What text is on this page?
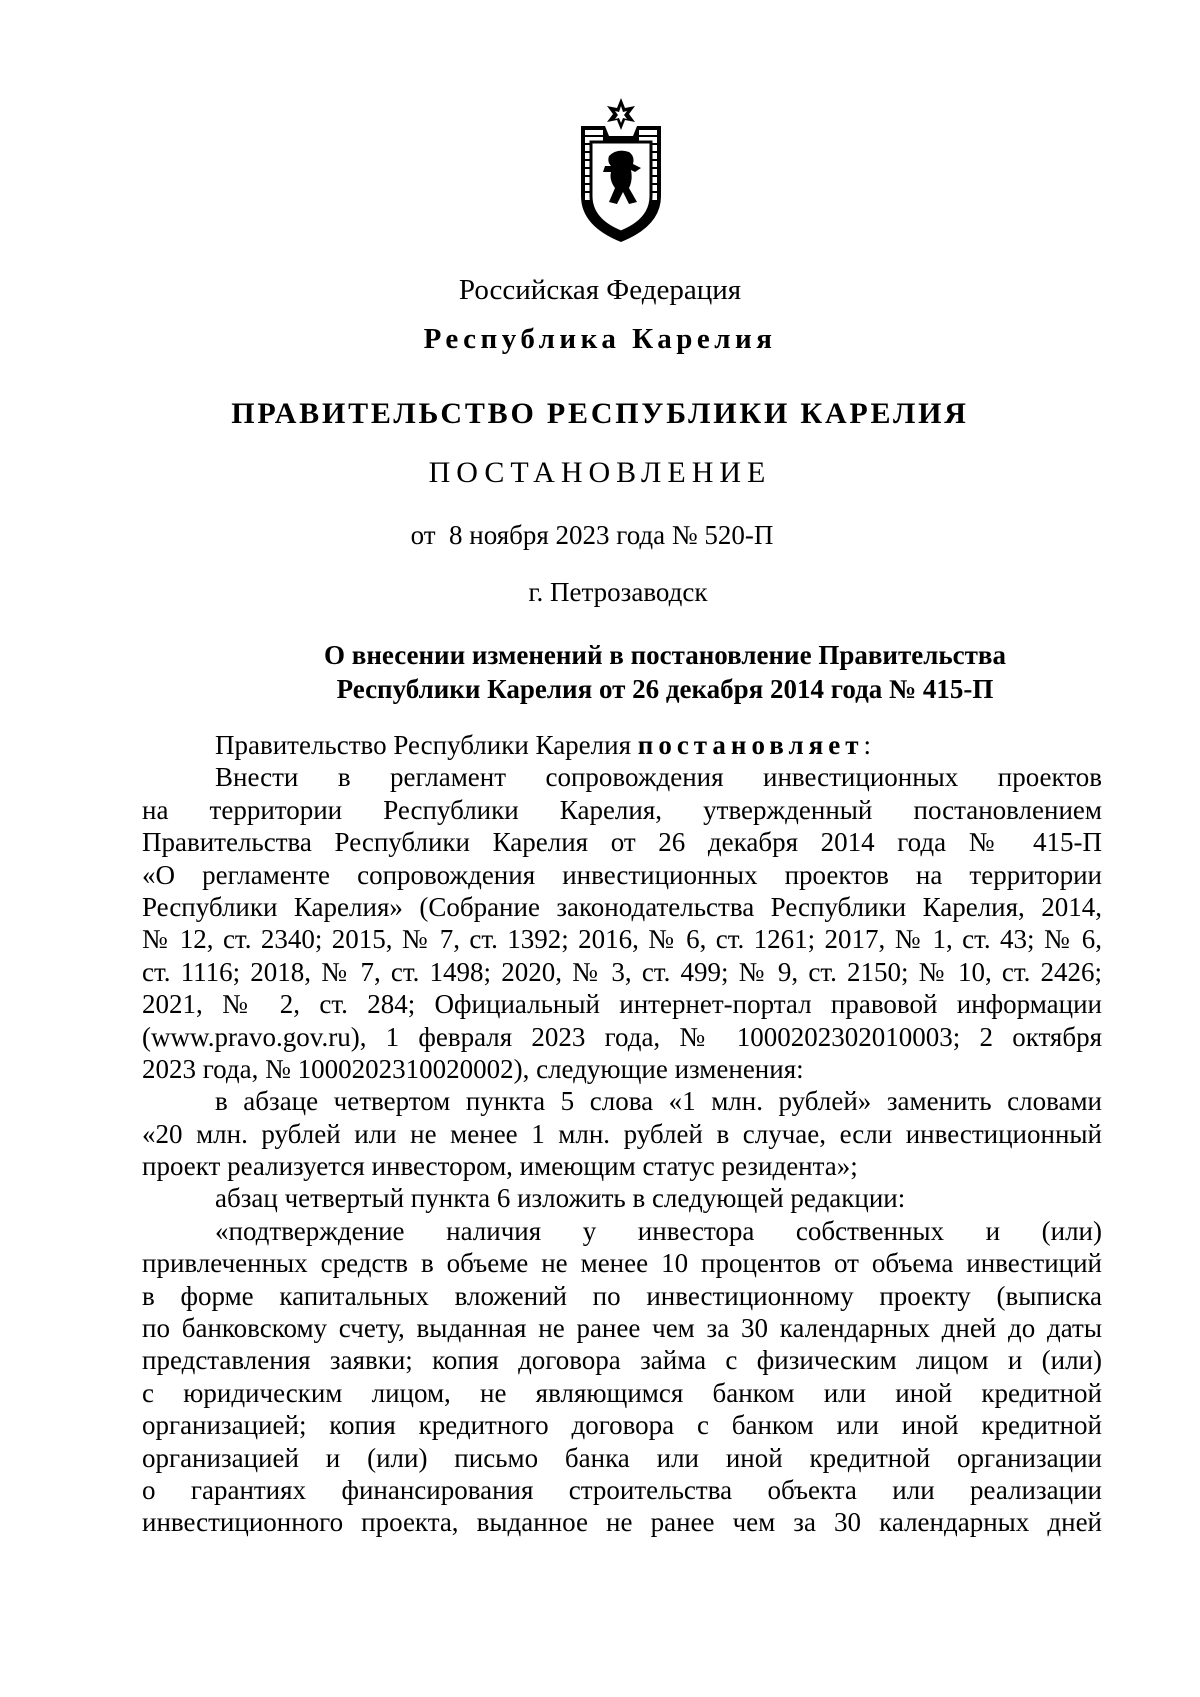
Российская Федерация
Республика Карелия
ПРАВИТЕЛЬСТВО РЕСПУБЛИКИ КАРЕЛИЯ
ПОСТАНОВЛЕНИЕ
от  8 ноября 2023 года № 520-П
г. Петрозаводск
О внесении изменений в постановление Правительства
Республики Карелия от 26 декабря 2014 года № 415-П
Правительство Республики Карелия постановляет:
Внести в регламент сопровождения инвестиционных проектов
на территории Республики Карелия, утвержденный постановлением
Правительства Республики Карелия от 26 декабря 2014 года № 415-П
«О регламенте сопровождения инвестиционных проектов на территории
Республики Карелия» (Собрание законодательства Республики Карелия, 2014,
№ 12, ст. 2340; 2015, № 7, ст. 1392; 2016, № 6, ст. 1261; 2017, № 1, ст. 43; № 6,
ст. 1116; 2018, № 7, ст. 1498; 2020, № 3, ст. 499; № 9, ст. 2150; № 10, ст. 2426;
2021, № 2, ст. 284; Официальный интернет-портал правовой информации
(www.pravo.gov.ru), 1 февраля 2023 года, № 1000202302010003; 2 октября
2023 года, № 1000202310020002), следующие изменения:
в абзаце четвертом пункта 5 слова «1 млн. рублей» заменить словами
«20 млн. рублей или не менее 1 млн. рублей в случае, если инвестиционный
проект реализуется инвестором, имеющим статус резидента»;
абзац четвертый пункта 6 изложить в следующей редакции:
«подтверждение наличия у инвестора собственных и (или)
привлеченных средств в объеме не менее 10 процентов от объема инвестиций
в форме капитальных вложений по инвестиционному проекту (выписка
по банковскому счету, выданная не ранее чем за 30 календарных дней до даты
представления заявки; копия договора займа с физическим лицом и (или)
с юридическим лицом, не являющимся банком или иной кредитной
организацией; копия кредитного договора с банком или иной кредитной
организацией и (или) письмо банка или иной кредитной организации
о гарантиях финансирования строительства объекта или реализации
инвестиционного проекта, выданное не ранее чем за 30 календарных дней
